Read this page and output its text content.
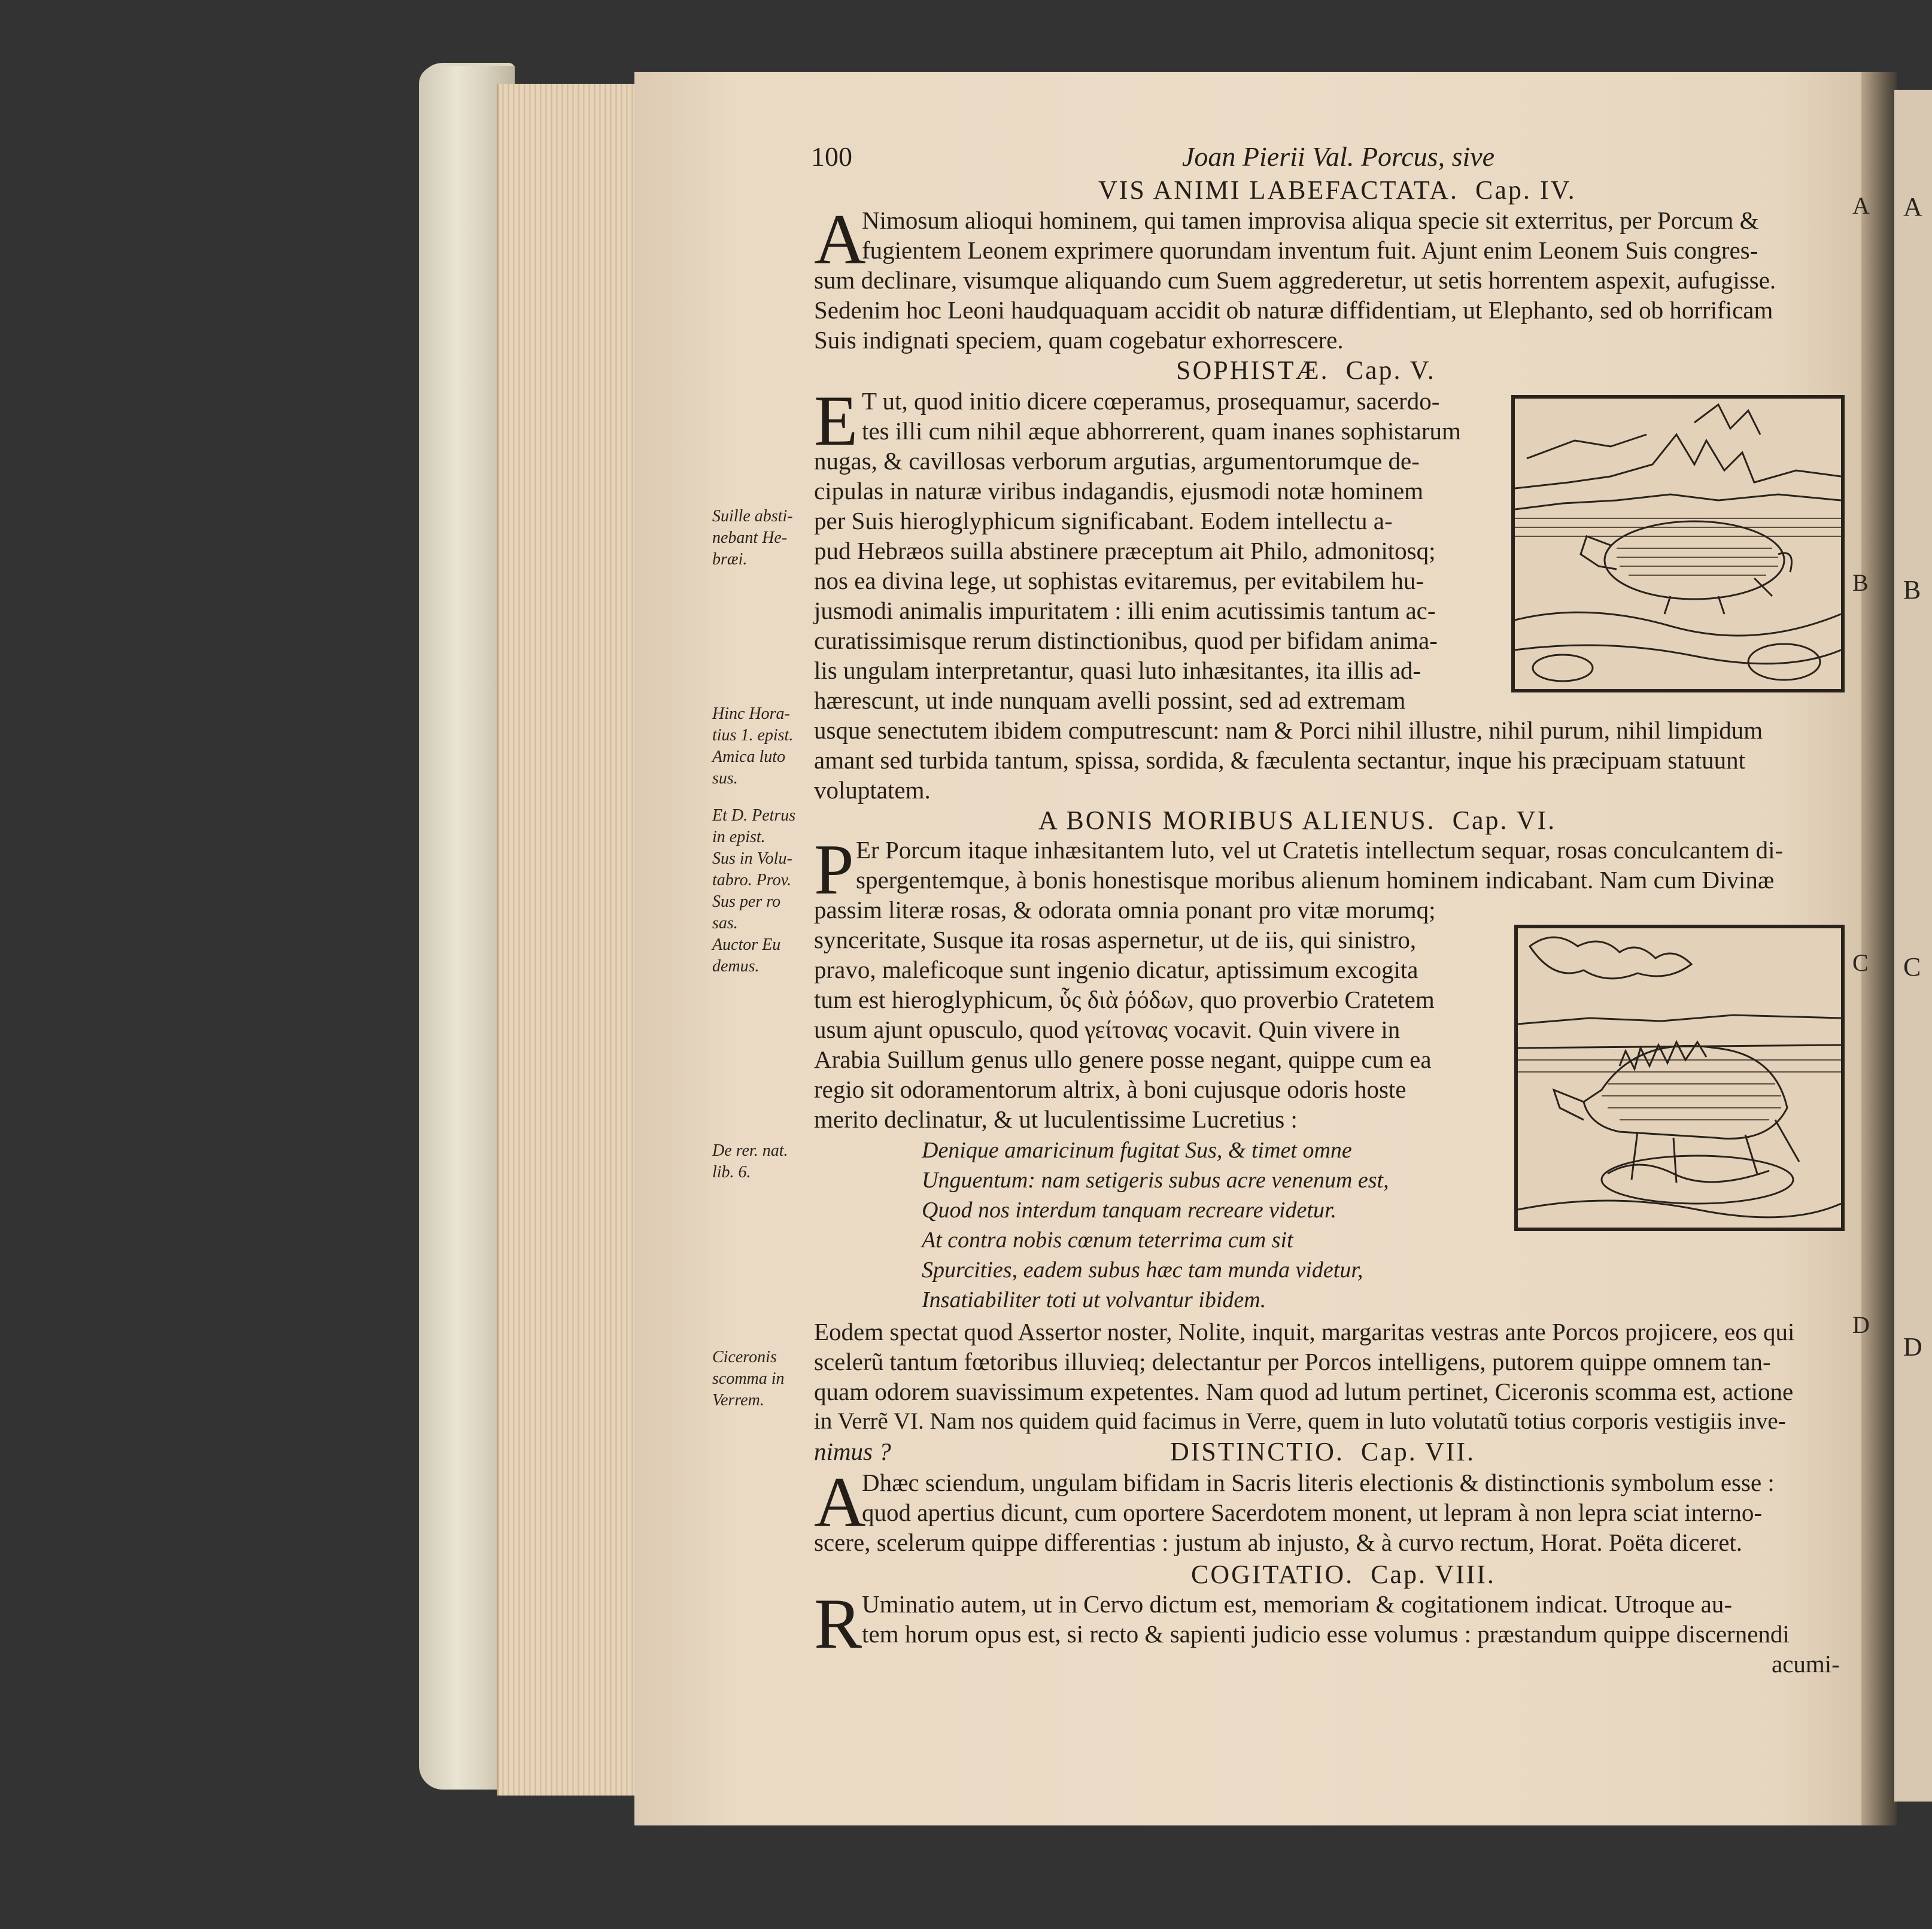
A
B
C
D
A
B
C
D
100	Joan Pierii Val. Porcus, sive
VIS ANIMI LABEFACTATA. Cap. IV.
A
Nimosum alioqui hominem, qui tamen improvisa aliqua specie sit exterritus, per Porcum &
fugientem Leonem exprimere quorundam inventum fuit. Ajunt enim Leonem Suis congres-
sum declinare, visumque aliquando cum Suem aggrederetur, ut setis horrentem aspexit, aufugisse.
Sedenim hoc Leoni haudquaquam accidit ob naturæ diffidentiam, ut Elephanto, sed ob horrificam
Suis indignati speciem, quam cogebatur exhorrescere.
SOPHISTÆ. Cap. V.
E T ut, quod initio dicere cœperamus, prosequamur, sacerdo-
tes illi cum nihil æque abhorrerent, quam inanes sophistarum
nugas, & cavillosas verborum argutias, argumentorumque de-
cipulas in naturæ viribus indagandis, ejusmodi notæ hominem
per Suis hieroglyphicum significabant. Eodem intellectu a-
pud Hebræos suilla abstinere præceptum ait Philo, admonitosq;
nos ea divina lege, ut sophistas evitaremus, per evitabilem hu-
jusmodi animalis impuritatem : illi enim acutissimis tantum ac-
curatissimisque rerum distinctionibus, quod per bifidam anima-
lis ungulam interpretantur, quasi luto inhæsitantes, ita illis ad-
hærescunt, ut inde nunquam avelli possint, sed ad extremam
usque senectutem ibidem computrescunt: nam & Porci nihil illustre, nihil purum, nihil limpidum
amant sed turbida tantum, spissa, sordida, & fæculenta sectantur, inque his præcipuam statuunt
voluptatem.
Suille absti-
nebant He-
bræi.
Hinc Hora-
tius 1. epist.
Amica luto
sus.
Et D. Petrus
in epist.
Sus in Volu-
tabro. Prov.
Sus per ro
sas.
Auctor Eu
demus.
De rer. nat.
lib. 6.
Ciceronis
scomma in
Verrem.
A BONIS MORIBUS ALIENUS. Cap. VI.
P Er Porcum itaque inhæsitantem luto, vel ut Cratetis intellectum sequar, rosas conculcantem di-
spergentemque, à bonis honestisque moribus alienum hominem indicabant. Nam cum Divinæ
passim literæ rosas, & odorata omnia ponant pro vitæ morumq;
synceritate, Susque ita rosas aspernetur, ut de iis, qui sinistro,
pravo, maleficoque sunt ingenio dicatur, aptissimum excogita
tum est hieroglyphicum, ὗς διὰ ῥόδων, quo proverbio Cratetem
usum ajunt opusculo, quod γείτονας vocavit. Quin vivere in
Arabia Suillum genus ullo genere posse negant, quippe cum ea
regio sit odoramentorum altrix, à boni cujusque odoris hoste
merito declinatur, & ut luculentissime Lucretius :
Denique amaricinum fugitat Sus, & timet omne
Unguentum: nam setigeris subus acre venenum est,
Quod nos interdum tanquam recreare videtur.
At contra nobis cœnum teterrima cum sit
Spurcities, eadem subus hæc tam munda videtur,
Insatiabiliter toti ut volvantur ibidem.
Eodem spectat quod Assertor noster, Nolite, inquit, margaritas vestras ante Porcos projicere, eos qui
scelerũ tantum fœtoribus illuvieq; delectantur per Porcos intelligens, putorem quippe omnem tan-
quam odorem suavissimum expetentes. Nam quod ad lutum pertinet, Ciceronis scomma est, actione
in Verrẽ VI. Nam nos quidem quid facimus in Verre, quem in luto volutatũ totius corporis vestigiis inve-
nimus ?	DISTINCTIO. Cap. VII.
A
Dhæc sciendum, ungulam bifidam in Sacris literis electionis & distinctionis symbolum esse :
quod apertius dicunt, cum oportere Sacerdotem monent, ut lepram à non lepra sciat interno-
scere, scelerum quippe differentias : justum ab injusto, & à curvo rectum, Horat. Poëta diceret.
COGITATIO. Cap. VIII.
R Uminatio autem, ut in Cervo dictum est, memoriam & cogitationem indicat. Utroque au-
tem horum opus est, si recto & sapienti judicio esse volumus : præstandum quippe discernendi
acumi-
